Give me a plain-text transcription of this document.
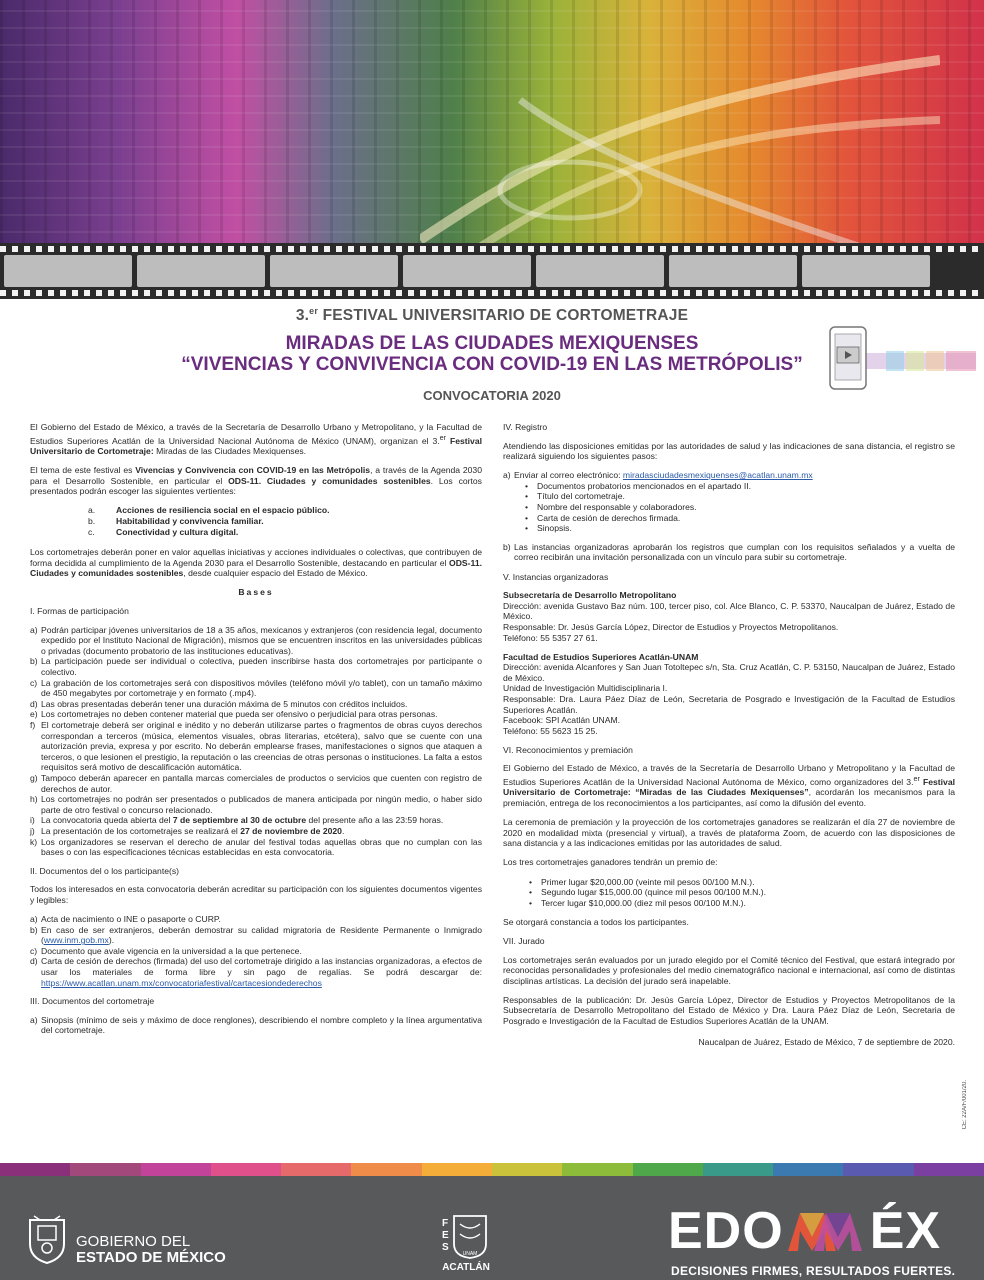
3.$^{er}$ FESTIVAL UNIVERSITARIO DE CORTOMETRAJE
MIRADAS DE LAS CIUDADES MEXIQUENSES
“VIVENCIAS Y CONVIVENCIA CON COVID-19 EN LAS METRÓPOLIS”
CONVOCATORIA 2020
El Gobierno del Estado de México, a través de la Secretaría de Desarrollo Urbano y Metropolitano, y la Facultad de Estudios Superiores Acatlán de la Universidad Nacional Autónoma de México (UNAM), organizan el 3.$^{er}$ Festival Universitario de Cortometraje: Miradas de las Ciudades Mexiquenses.
El tema de este festival es Vivencias y Convivencia con COVID-19 en las Metrópolis, a través de la Agenda 2030 para el Desarrollo Sostenible, en particular el ODS-11. Ciudades y comunidades sostenibles. Los cortos presentados podrán escoger las siguientes vertientes:
a.	Acciones de resiliencia social en el espacio público.
b.	Habitabilidad y convivencia familiar.
c.	Conectividad y cultura digital.
Los cortometrajes deberán poner en valor aquellas iniciativas y acciones individuales o colectivas, que contribuyen de forma decidida al cumplimiento de la Agenda 2030 para el Desarrollo Sostenible, destacando en particular el ODS-11. Ciudades y comunidades sostenibles, desde cualquier espacio del Estado de México.
Bases
I. Formas de participación
a) Podrán participar jóvenes universitarios de 18 a 35 años, mexicanos y extranjeros (con residencia legal, documento expedido por el Instituto Nacional de Migración), mismos que se encuentren inscritos en las universidades públicas o privadas (documento probatorio de las instituciones educativas).
b) La participación puede ser individual o colectiva, pueden inscribirse hasta dos cortometrajes por participante o colectivo.
c) La grabación de los cortometrajes será con dispositivos móviles (teléfono móvil y/o tablet), con un tamaño máximo de 450 megabytes por cortometraje y en formato (.mp4).
d) Las obras presentadas deberán tener una duración máxima de 5 minutos con créditos incluidos.
e) Los cortometrajes no deben contener material que pueda ser ofensivo o perjudicial para otras personas.
f) El cortometraje deberá ser original e inédito y no deberán utilizarse partes o fragmentos de obras cuyos derechos correspondan a terceros (música, elementos visuales, obras literarias, etcétera), salvo que se cuente con una autorización previa, expresa y por escrito. No deberán emplearse frases, manifestaciones o signos que ataquen a terceros, o que lesionen el prestigio, la reputación o las creencias de otras personas o instituciones. La falta a estos requisitos será motivo de descalificación automática.
g) Tampoco deberán aparecer en pantalla marcas comerciales de productos o servicios que cuenten con registro de derechos de autor.
h) Los cortometrajes no podrán ser presentados o publicados de manera anticipada por ningún medio, o haber sido parte de otro festival o concurso relacionado.
i) La convocatoria queda abierta del 7 de septiembre al 30 de octubre del presente año a las 23:59 horas.
j) La presentación de los cortometrajes se realizará el 27 de noviembre de 2020.
k) Los organizadores se reservan el derecho de anular del festival todas aquellas obras que no cumplan con las bases o con las especificaciones técnicas establecidas en esta convocatoria.
II. Documentos del o los participante(s)
Todos los interesados en esta convocatoria deberán acreditar su participación con los siguientes documentos vigentes y legibles:
a) Acta de nacimiento o INE o pasaporte o CURP.
b) En caso de ser extranjeros, deberán demostrar su calidad migratoria de Residente Permanente o Inmigrado (www.inm.gob.mx).
c) Documento que avale vigencia en la universidad a la que pertenece.
d) Carta de cesión de derechos (firmada) del uso del cortometraje dirigido a las instancias organizadoras, a efectos de usar los materiales de forma libre y sin pago de regalías. Se podrá descargar de: https://www.acatlan.unam.mx/convocatoriafestival/cartacesiondederechos
III. Documentos del cortometraje
a) Sinopsis (mínimo de seis y máximo de doce renglones), describiendo el nombre completo y la línea argumentativa del cortometraje.
IV. Registro
Atendiendo las disposiciones emitidas por las autoridades de salud y las indicaciones de sana distancia, el registro se realizará siguiendo los siguientes pasos:
a) Enviar al correo electrónico: miradasciudadesmexiquenses@acatlan.unam.mx
•	Documentos probatorios mencionados en el apartado II.
•	Título del cortometraje.
•	Nombre del responsable y colaboradores.
•	Carta de cesión de derechos firmada.
•	Sinopsis.
b) Las instancias organizadoras aprobarán los registros que cumplan con los requisitos señalados y a vuelta de correo recibirán una invitación personalizada con un vínculo para subir su cortometraje.
V. Instancias organizadoras
Subsecretaría de Desarrollo Metropolitano
Dirección: avenida Gustavo Baz núm. 100, tercer piso, col. Alce Blanco, C. P. 53370, Naucalpan de Juárez, Estado de México.
Responsable: Dr. Jesús García López, Director de Estudios y Proyectos Metropolitanos.
Teléfono: 55 5357 27 61.
Facultad de Estudios Superiores Acatlán-UNAM
Dirección: avenida Alcanfores y San Juan Totoltepec s/n, Sta. Cruz Acatlán, C. P. 53150, Naucalpan de Juárez, Estado de México.
Unidad de Investigación Multidisciplinaria I.
Responsable: Dra. Laura Páez Díaz de León, Secretaria de Posgrado e Investigación de la Facultad de Estudios Superiores Acatlán.
Facebook: SPI Acatlán UNAM.
Teléfono: 55 5623 15 25.
VI. Reconocimientos y premiación
El Gobierno del Estado de México, a través de la Secretaría de Desarrollo Urbano y Metropolitano y la Facultad de Estudios Superiores Acatlán de la Universidad Nacional Autónoma de México, como organizadores del 3.$^{er}$ Festival Universitario de Cortometraje: “Miradas de las Ciudades Mexiquenses”, acordarán los mecanismos para la premiación, entrega de los reconocimientos a los participantes, así como la difusión del evento.
La ceremonia de premiación y la proyección de los cortometrajes ganadores se realizarán el día 27 de noviembre de 2020 en modalidad mixta (presencial y virtual), a través de plataforma Zoom, de acuerdo con las disposiciones de sana distancia y a las indicaciones emitidas por las autoridades de salud.
Los tres cortometrajes ganadores tendrán un premio de:
•	Primer lugar $20,000.00 (veinte mil pesos 00/100 M.N.).
•	Segundo lugar $15,000.00 (quince mil pesos 00/100 M.N.).
•	Tercer lugar $10,000.00 (diez mil pesos 00/100 M.N.).
Se otorgará constancia a todos los participantes.
VII. Jurado
Los cortometrajes serán evaluados por un jurado elegido por el Comité técnico del Festival, que estará integrado por reconocidas personalidades y profesionales del medio cinematográfico nacional e internacional, así como de distintas disciplinas artísticas. La decisión del jurado será inapelable.
Responsables de la publicación: Dr. Jesús García López, Director de Estudios y Proyectos Metropolitanos de la Subsecretaría de Desarrollo Metropolitano del Estado de México y Dra. Laura Páez Díaz de León, Secretaria de Posgrado e Investigación de la Facultad de Estudios Superiores Acatlán de la UNAM.
Naucalpan de Juárez, Estado de México, 7 de septiembre de 2020.
CE: 22A/F/001/20.
GOBIERNO DEL
ESTADO DE MÉXICO
F
E
S
UNAM
ACATLÁN
EDO ÉX
DECISIONES FIRMES, RESULTADOS FUERTES.
